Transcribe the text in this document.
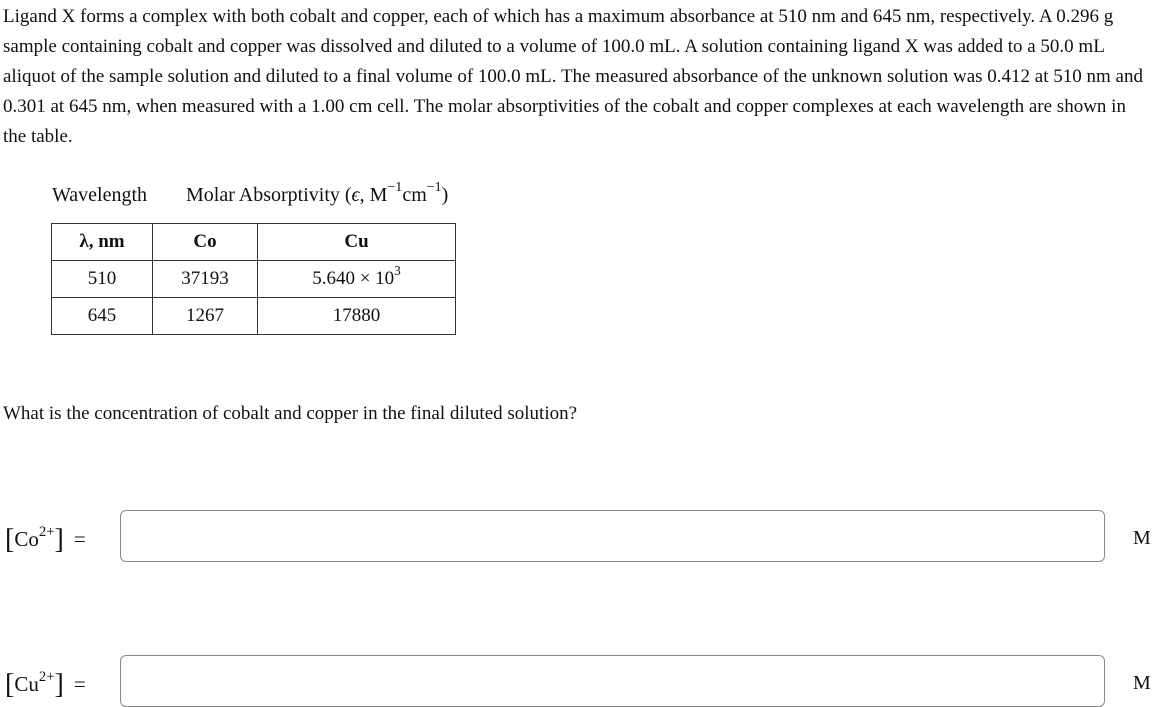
Ligand X forms a complex with both cobalt and copper, each of which has a maximum absorbance at 510 nm and 645 nm, respectively. A 0.296 g sample containing cobalt and copper was dissolved and diluted to a volume of 100.0 mL. A solution containing ligand X was added to a 50.0 mL aliquot of the sample solution and diluted to a final volume of 100.0 mL. The measured absorbance of the unknown solution was 0.412 at 510 nm and 0.301 at 645 nm, when measured with a 1.00 cm cell. The molar absorptivities of the cobalt and copper complexes at each wavelength are shown in the table.
Wavelength Molar Absorptivity (ϵ, $M^{-1}cm^{-1}$)
λ, nm	Co	Cu
510	37193	$5.640 \times 10^3$
645	1267	17880
What is the concentration of cobalt and copper in the final diluted solution?
$[Co^{2+}]$ =	M
$[Cu^{2+}]$ =	M
